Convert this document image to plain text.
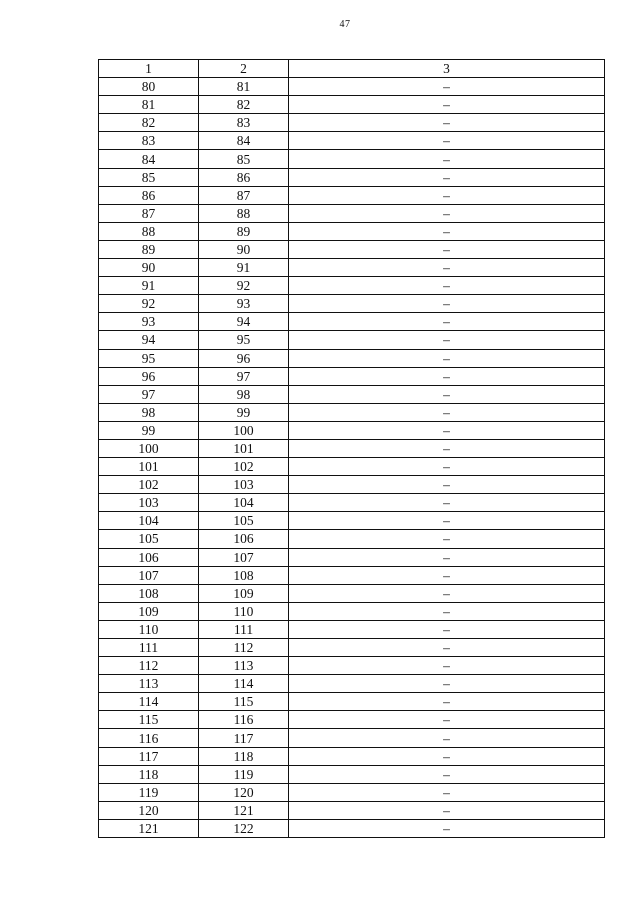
47
1	2	3
80	81	–
81	82	–
82	83	–
83	84	–
84	85	–
85	86	–
86	87	–
87	88	–
88	89	–
89	90	–
90	91	–
91	92	–
92	93	–
93	94	–
94	95	–
95	96	–
96	97	–
97	98	–
98	99	–
99	100	–
100	101	–
101	102	–
102	103	–
103	104	–
104	105	–
105	106	–
106	107	–
107	108	–
108	109	–
109	110	–
110	111	–
111	112	–
112	113	–
113	114	–
114	115	–
115	116	–
116	117	–
117	118	–
118	119	–
119	120	–
120	121	–
121	122	–
